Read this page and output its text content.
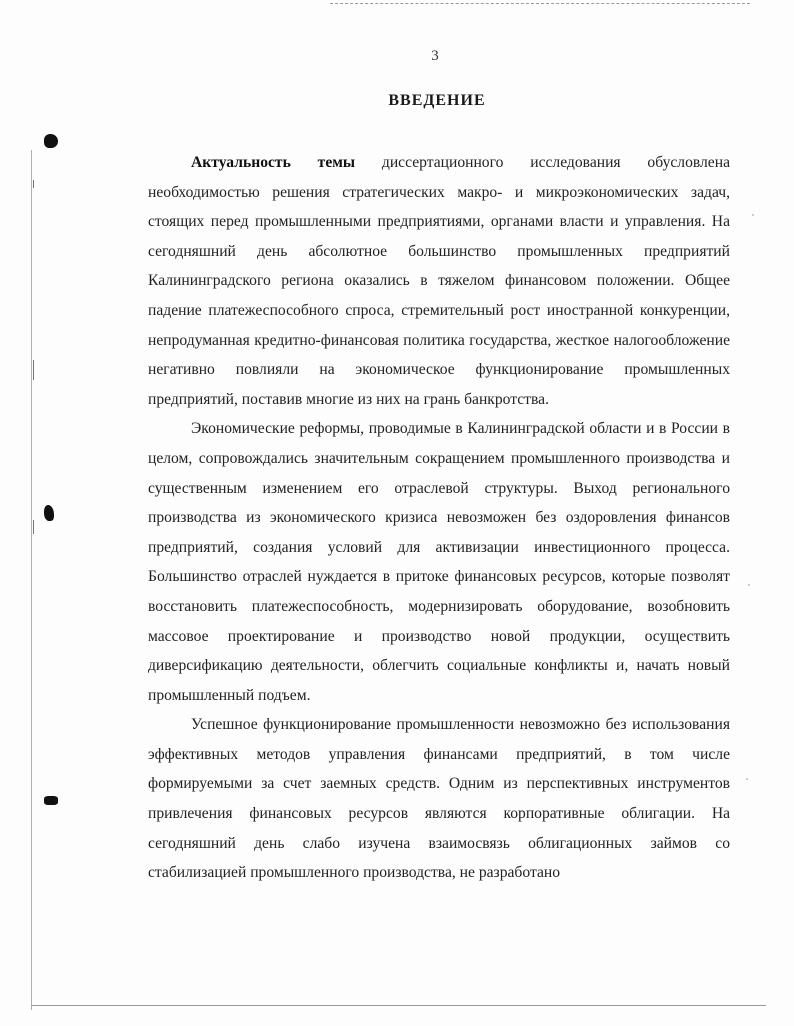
3
ВВЕДЕНИЕ

Актуальность темы диссертационного исследования обусловлена необходимостью решения стратегических макро- и микроэкономических задач, стоящих перед промышленными предприятиями, органами власти и управления. На сегодняшний день абсолютное большинство промышленных предприятий Калининградского региона оказались в тяжелом финансовом положении. Общее падение платежеспособного спроса, стремительный рост иностранной конкуренции, непродуманная кредитно-финансовая политика государства, жесткое налогообложение негативно повлияли на экономическое функционирование промышленных предприятий, поставив многие из них на грань банкротства.

Экономические реформы, проводимые в Калининградской области и в России в целом, сопровождались значительным сокращением промышленного производства и существенным изменением его отраслевой структуры. Выход регионального производства из экономического кризиса невозможен без оздоровления финансов предприятий, создания условий для активизации инвестиционного процесса. Большинство отраслей нуждается в притоке финансовых ресурсов, которые позволят восстановить платежеспособность, модернизировать оборудование, возобновить массовое проектирование и производство новой продукции, осуществить диверсификацию деятельности, облегчить социальные конфликты и, начать новый промышленный подъем.

Успешное функционирование промышленности невозможно без использования эффективных методов управления финансами предприятий, в том числе формируемыми за счет заемных средств. Одним из перспективных инструментов привлечения финансовых ресурсов являются корпоративные облигации. На сегодняшний день слабо изучена взаимосвязь облигационных займов со стабилизацией промышленного производства, не разработано
